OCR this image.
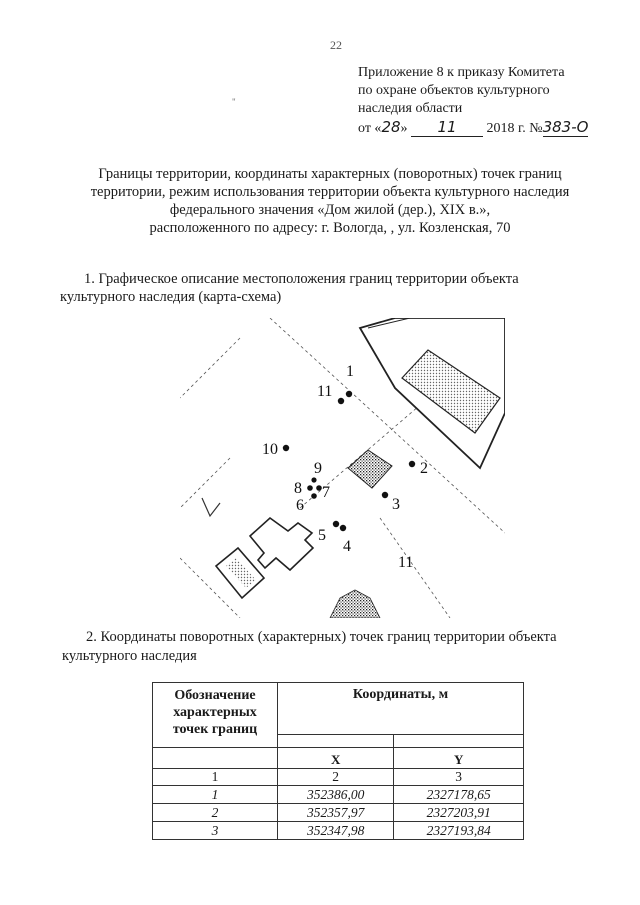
22
Приложение 8 к приказу Комитета
по охране объектов культурного
наследия области
от «28» 11 2018 г. №383-О
"
Границы территории, координаты характерных (поворотных) точек границ
территории, режим использования территории объекта культурного наследия
федерального значения «Дом жилой (дер.), XIX в.»,
расположенного по адресу: г. Вологда, , ул. Козленская, 70
1. Графическое описание местоположения границ территории объекта
культурного наследия (карта-схема)
1
11
10
9
8 7
6
2
3
5
4
11
2. Координаты поворотных (характерных) точек границ территории объекта
культурного наследия
Обозначение
характерных
точек границ	Координаты, м	

	X	Y
1	2	3
1	352386,00	2327178,65
2	352357,97	2327203,91
3	352347,98	2327193,84
